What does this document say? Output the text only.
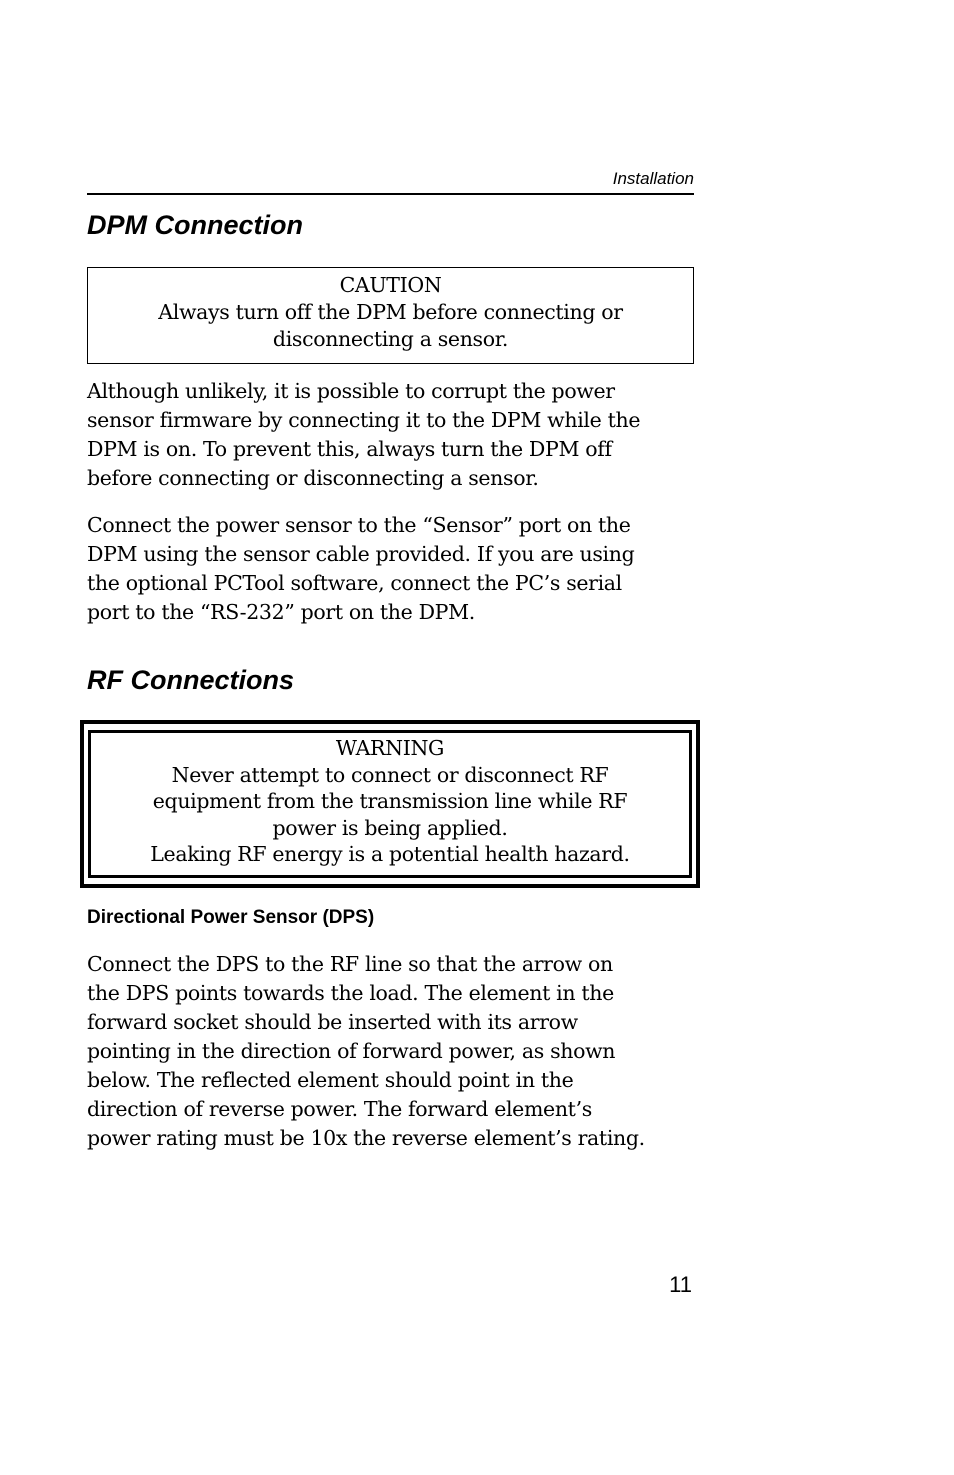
Installation
DPM Connection
CAUTION
Always turn off the DPM before connecting or
disconnecting a sensor.

Although unlikely, it is possible to corrupt the power
sensor firmware by connecting it to the DPM while the
DPM is on. To prevent this, always turn the DPM off
before connecting or disconnecting a sensor.

Connect the power sensor to the “Sensor” port on the
DPM using the sensor cable provided. If you are using
the optional PCTool software, connect the PC’s serial
port to the “RS-232” port on the DPM.

RF Connections
WARNING
Never attempt to connect or disconnect RF
equipment from the transmission line while RF
power is being applied.
Leaking RF energy is a potential health hazard.
Directional Power Sensor (DPS)

Connect the DPS to the RF line so that the arrow on
the DPS points towards the load. The element in the
forward socket should be inserted with its arrow
pointing in the direction of forward power, as shown
below. The reflected element should point in the
direction of reverse power. The forward element’s
power rating must be 10x the reverse element’s rating.

11
